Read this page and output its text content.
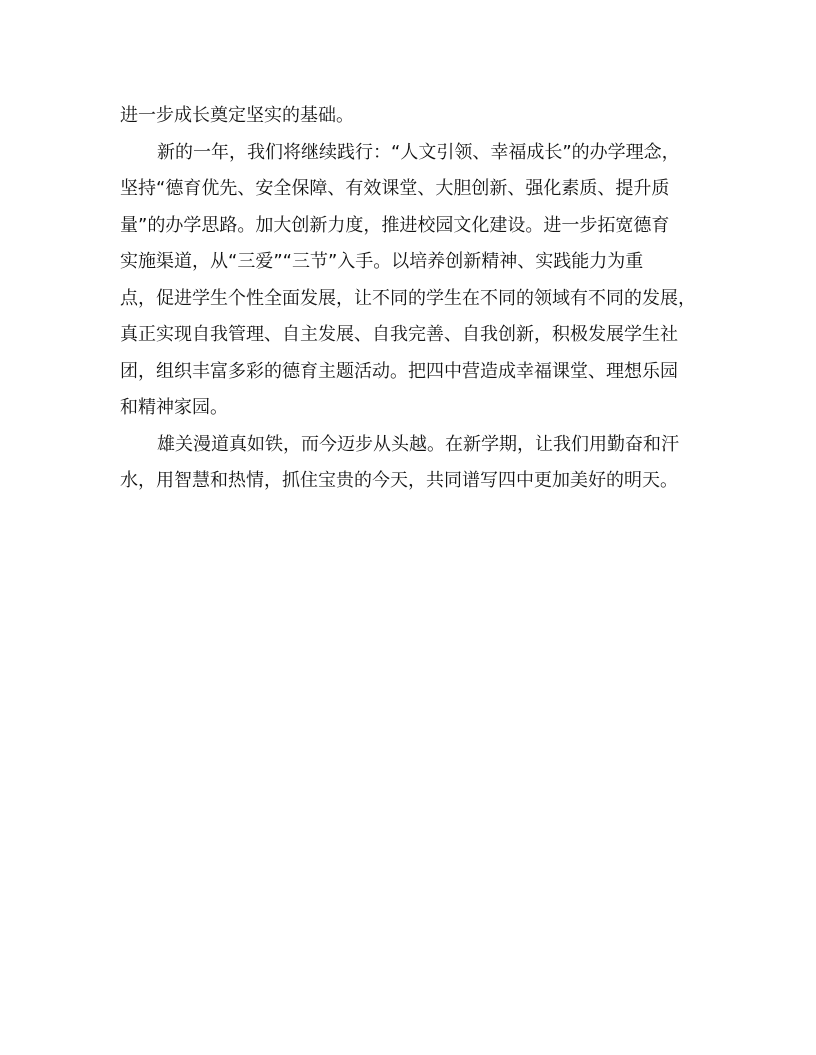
进一步成长奠定坚实的基础。
新的一年，我们将继续践行：“人文引领、幸福成长”的办学理念，
坚持“德育优先、安全保障、有效课堂、大胆创新、强化素质、提升质
量”的办学思路。加大创新力度，推进校园文化建设。进一步拓宽德育
实施渠道，从“三爱”“三节”入手。以培养创新精神、实践能力为重
点，促进学生个性全面发展，让不同的学生在不同的领域有不同的发展，
真正实现自我管理、自主发展、自我完善、自我创新，积极发展学生社
团，组织丰富多彩的德育主题活动。把四中营造成幸福课堂、理想乐园
和精神家园。
雄关漫道真如铁，而今迈步从头越。在新学期，让我们用勤奋和汗
水，用智慧和热情，抓住宝贵的今天，共同谱写四中更加美好的明天。
